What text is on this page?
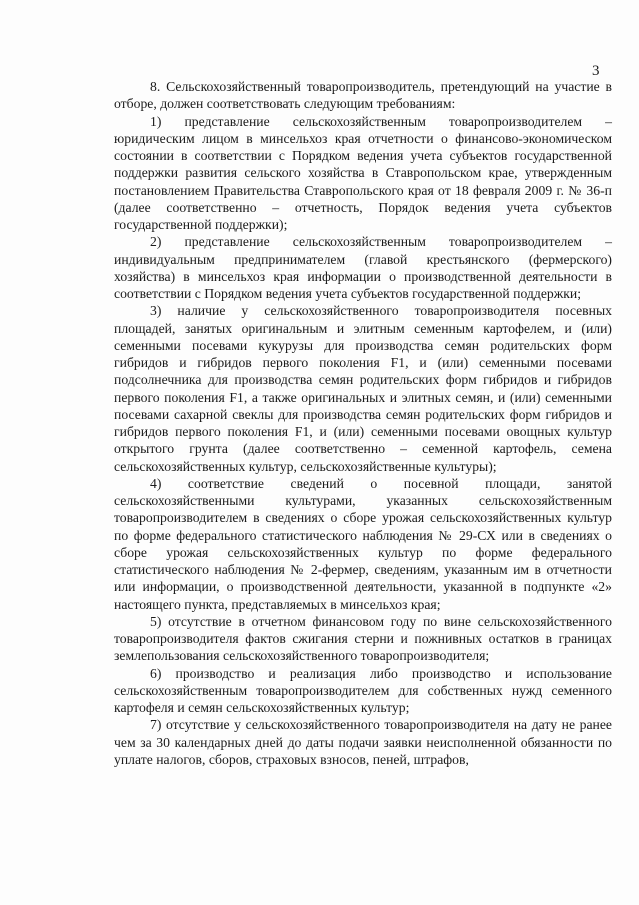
3

8. Сельскохозяйственный товаропроизводитель, претендующий на участие в отборе, должен соответствовать следующим требованиям:

1) представление сельскохозяйственным товаропроизводителем – юридическим лицом в минсельхоз края отчетности о финансово-экономическом состоянии в соответствии с Порядком ведения учета субъектов государственной поддержки развития сельского хозяйства в Ставропольском крае, утвержденным постановлением Правительства Ставропольского края от 18 февраля 2009 г. № 36-п (далее соответственно – отчетность, Порядок ведения учета субъектов государственной поддержки);

2) представление сельскохозяйственным товаропроизводителем – индивидуальным предпринимателем (главой крестьянского (фермерского) хозяйства) в минсельхоз края информации о производственной деятельности в соответствии с Порядком ведения учета субъектов государственной поддержки;

3) наличие у сельскохозяйственного товаропроизводителя посевных площадей, занятых оригинальным и элитным семенным картофелем, и (или) семенными посевами кукурузы для производства семян родительских форм гибридов и гибридов первого поколения F1, и (или) семенными посевами подсолнечника для производства семян родительских форм гибридов и гибридов первого поколения F1, а также оригинальных и элитных семян, и (или) семенными посевами сахарной свеклы для производства семян родительских форм гибридов и гибридов первого поколения F1, и (или) семенными посевами овощных культур открытого грунта (далее соответственно – семенной картофель, семена сельскохозяйственных культур, сельскохозяйственные культуры);

4) соответствие сведений о посевной площади, занятой сельскохозяйственными культурами, указанных сельскохозяйственным товаропроизводителем в сведениях о сборе урожая сельскохозяйственных культур по форме федерального статистического наблюдения № 29-СХ или в сведениях о сборе урожая сельскохозяйственных культур по форме федерального статистического наблюдения № 2-фермер, сведениям, указанным им в отчетности или информации, о производственной деятельности, указанной в подпункте «2» настоящего пункта, представляемых в минсельхоз края;

5) отсутствие в отчетном финансовом году по вине сельскохозяйственного товаропроизводителя фактов сжигания стерни и пожнивных остатков в границах землепользования сельскохозяйственного товаропроизводителя;

6) производство и реализация либо производство и использование сельскохозяйственным товаропроизводителем для собственных нужд семенного картофеля и семян сельскохозяйственных культур;

7) отсутствие у сельскохозяйственного товаропроизводителя на дату не ранее чем за 30 календарных дней до даты подачи заявки неисполненной обязанности по уплате налогов, сборов, страховых взносов, пеней, штрафов,
